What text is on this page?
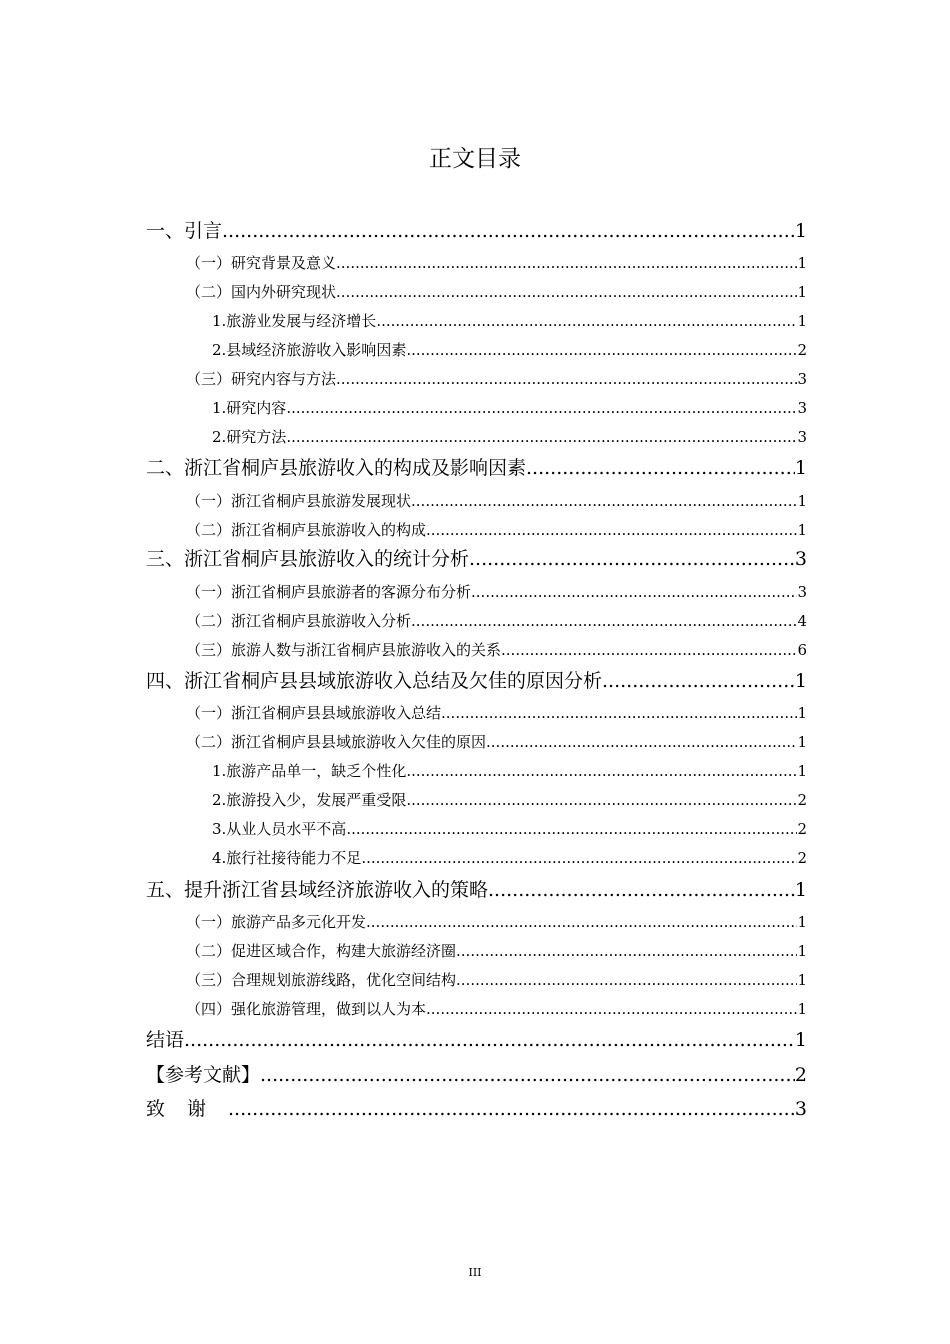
正文目录
一、引言 .....	1
（一）研究背景及意义 .....	1
（二）国内外研究现状 .....	1
1.旅游业发展与经济增长 .....	1
2.县域经济旅游收入影响因素 .....	2
（三）研究内容与方法 .....	3
1.研究内容 .....	3
2.研究方法 .....	3
二、浙江省桐庐县旅游收入的构成及影响因素 .....	1
（一）浙江省桐庐县旅游发展现状 .....	1
（二）浙江省桐庐县旅游收入的构成 .....	1
三、浙江省桐庐县旅游收入的统计分析 .....	3
（一）浙江省桐庐县旅游者的客源分布分析 .....	3
（二）浙江省桐庐县旅游收入分析 .....	4
（三）旅游人数与浙江省桐庐县旅游收入的关系 .....	6
四、浙江省桐庐县县域旅游收入总结及欠佳的原因分析 .....	1
（一）浙江省桐庐县县域旅游收入总结 .....	1
（二）浙江省桐庐县县域旅游收入欠佳的原因 .....	1
1.旅游产品单一，缺乏个性化 .....	1
2.旅游投入少，发展严重受限 .....	2
3.从业人员水平不高 .....	2
4.旅行社接待能力不足 .....	2
五、提升浙江省县域经济旅游收入的策略 .....	1
（一）旅游产品多元化开发 .....	1
（二）促进区域合作，构建大旅游经济圈 .....	1
（三）合理规划旅游线路，优化空间结构 .....	1
（四）强化旅游管理，做到以人为本 .....	1
结语 .....	1
【参考文献】 .....	2
致谢 .....	3
III
